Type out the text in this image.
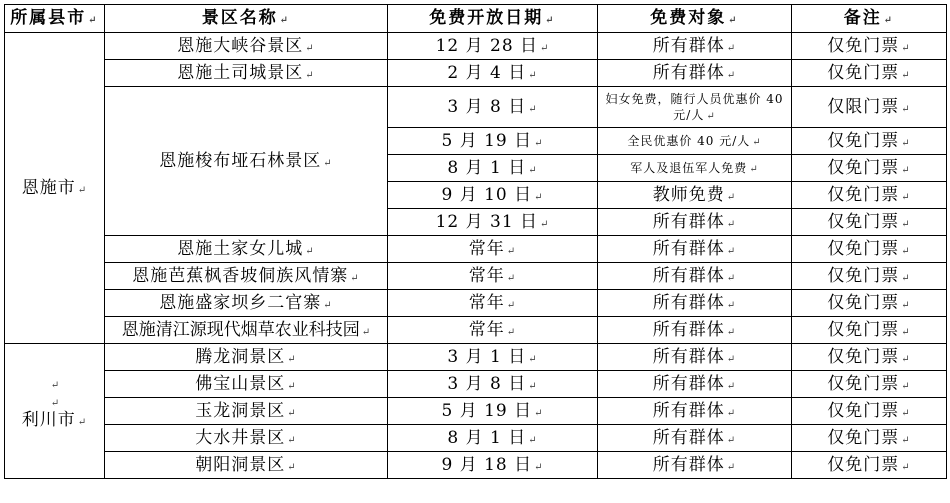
所属县市 ↵	景区名称 ↵	免费开放日期 ↵	免费对象 ↵	备注 ↵
恩施市 ↵	恩施大峡谷景区 ↵	12 月 28 日 ↵	所有群体 ↵	仅免门票 ↵
	恩施土司城景区 ↵	2 月 4 日 ↵	所有群体 ↵	仅免门票 ↵
	恩施梭布垭石林景区 ↵	3 月 8 日 ↵	妇女免费，随行人员优惠价 40 元/人 ↵	仅限门票 ↵
		5 月 19 日 ↵	全民优惠价 40 元/人 ↵	仅免门票 ↵
		8 月 1 日 ↵	军人及退伍军人免费 ↵	仅免门票 ↵
		9 月 10 日 ↵	教师免费 ↵	仅免门票 ↵
		12 月 31 日 ↵	所有群体 ↵	仅免门票 ↵
	恩施土家女儿城 ↵	常年 ↵	所有群体 ↵	仅免门票 ↵
	恩施芭蕉枫香坡侗族风情寨 ↵	常年 ↵	所有群体 ↵	仅免门票 ↵
	恩施盛家坝乡二官寨 ↵	常年 ↵	所有群体 ↵	仅免门票 ↵
	恩施清江源现代烟草农业科技园 ↵	常年 ↵	所有群体 ↵	仅免门票 ↵

↵
↵
利川市 ↵	腾龙洞景区 ↵	3 月 1 日 ↵	所有群体 ↵	仅免门票 ↵
	佛宝山景区 ↵	3 月 8 日 ↵	所有群体 ↵	仅免门票 ↵
	玉龙洞景区 ↵	5 月 19 日 ↵	所有群体 ↵	仅免门票 ↵
	大水井景区 ↵	8 月 1 日 ↵	所有群体 ↵	仅免门票 ↵
	朝阳洞景区 ↵	9 月 18 日 ↵	所有群体 ↵	仅免门票 ↵
